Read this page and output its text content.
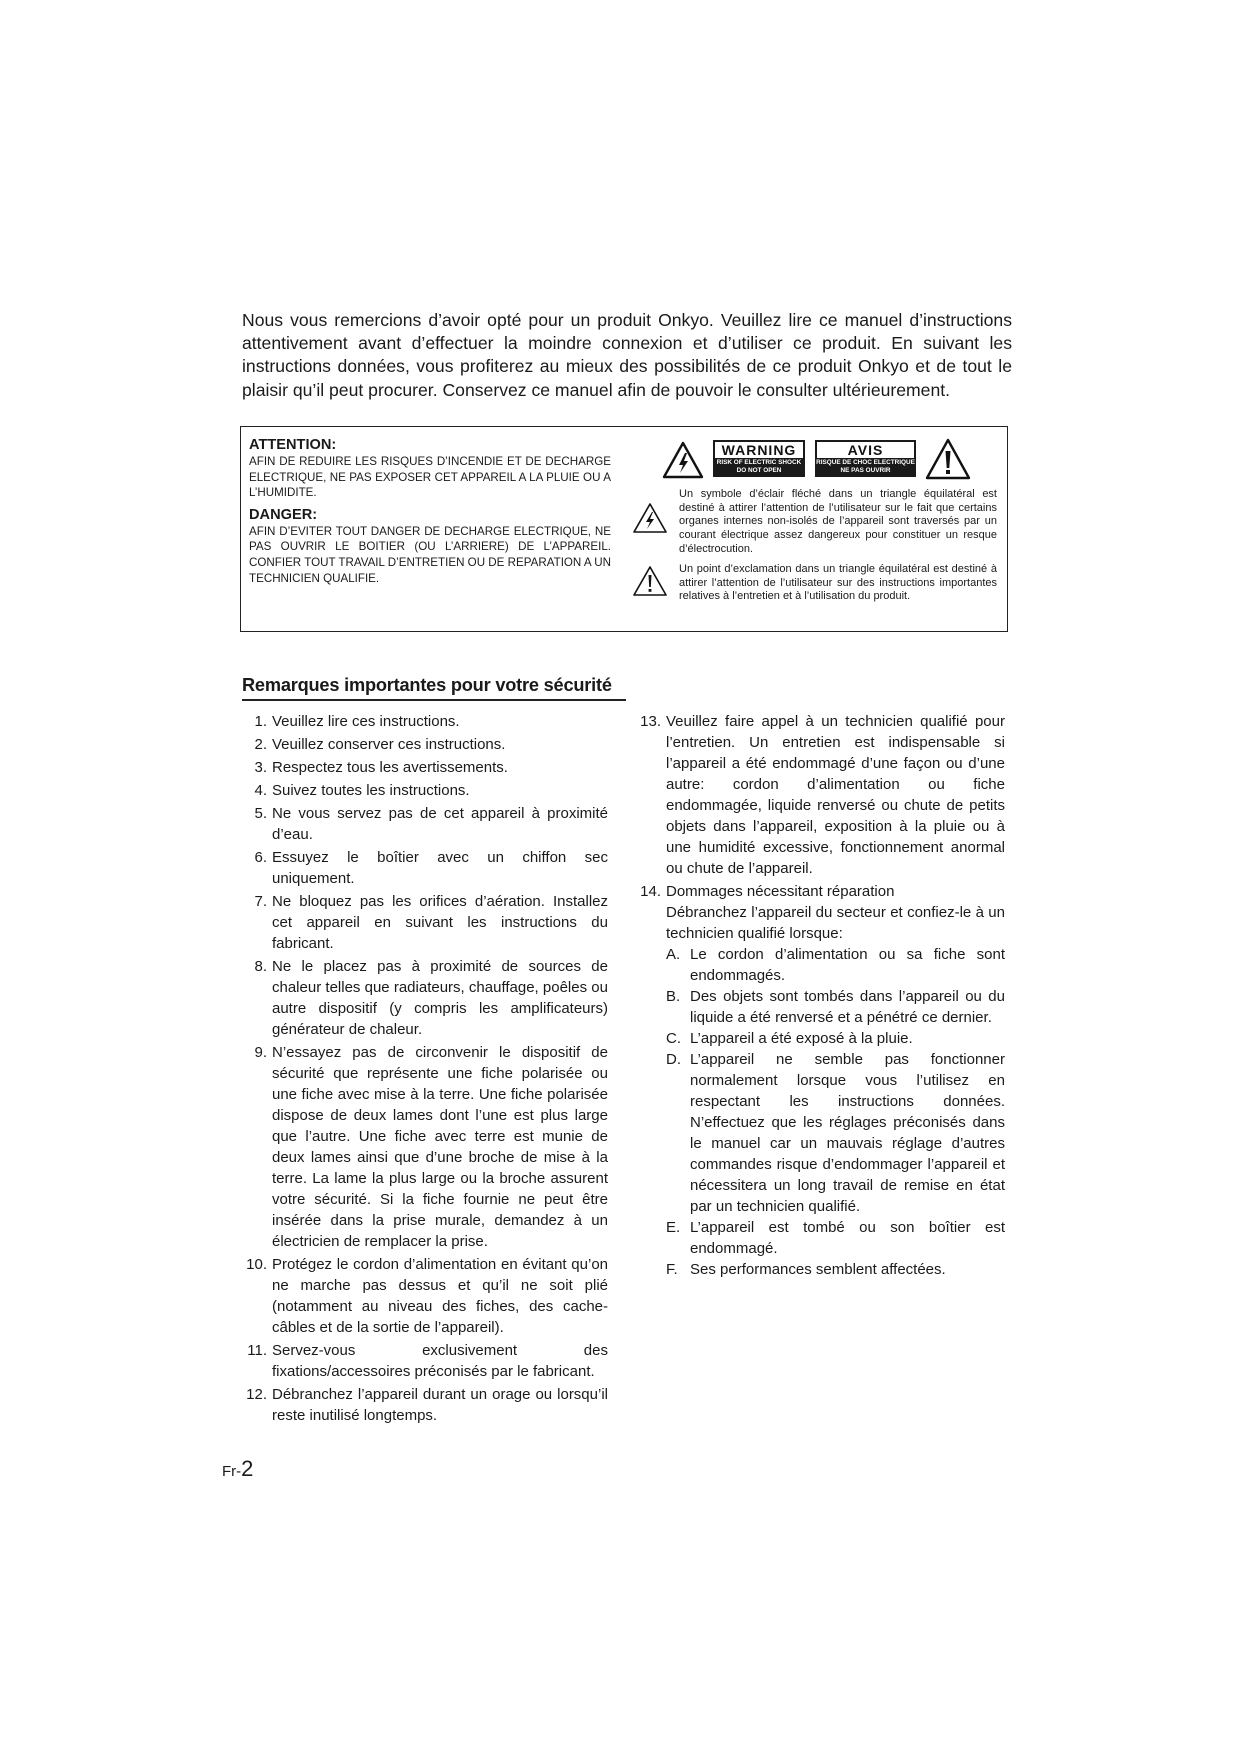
Nous vous remercions d’avoir opté pour un produit Onkyo. Veuillez lire ce manuel d’instructions attentivement avant d’effectuer la moindre connexion et d’utiliser ce produit. En suivant les instructions données, vous profiterez au mieux des possibilités de ce produit Onkyo et de tout le plaisir qu’il peut procurer. Conservez ce manuel afin de pouvoir le consulter ultérieurement.

ATTENTION:

AFIN DE REDUIRE LES RISQUES D’INCENDIE ET DE DECHARGE ELECTRIQUE, NE PAS EXPOSER CET APPAREIL A LA PLUIE OU A L’HUMIDITE.

DANGER:

AFIN D’EVITER TOUT DANGER DE DECHARGE ELECTRIQUE, NE PAS OUVRIR LE BOITIER (OU L’ARRIERE) DE L’APPAREIL. CONFIER TOUT TRAVAIL D’ENTRETIEN OU DE REPARATION A UN TECHNICIEN QUALIFIE.

WARNING
RISK OF ELECTRIC SHOCK
DO NOT OPEN
AVIS
RISQUE DE CHOC ELECTRIQUE
NE PAS OUVRIR

Un symbole d’éclair fléché dans un triangle équilatéral est destiné à attirer l’attention de l’utilisateur sur le fait que certains organes internes non-isolés de l’appareil sont traversés par un courant électrique assez dangereux pour constituer un resque d’électrocution.

Un point d’exclamation dans un triangle équilatéral est destiné à attirer l’attention de l’utilisateur sur des instructions importantes relatives à l’entretien et à l’utilisation du produit.

Remarques importantes pour votre sécurité
1. Veuillez lire ces instructions.
2. Veuillez conserver ces instructions.
3. Respectez tous les avertissements.
4. Suivez toutes les instructions.
5. Ne vous servez pas de cet appareil à proximité d’eau.
6. Essuyez le boîtier avec un chiffon sec uniquement.
7. Ne bloquez pas les orifices d’aération. Installez cet appareil en suivant les instructions du fabricant.
8. Ne le placez pas à proximité de sources de chaleur telles que radiateurs, chauffage, poêles ou autre dispositif (y compris les amplificateurs) générateur de chaleur.
9. N’essayez pas de circonvenir le dispositif de sécurité que représente une fiche polarisée ou une fiche avec mise à la terre. Une fiche polarisée dispose de deux lames dont l’une est plus large que l’autre. Une fiche avec terre est munie de deux lames ainsi que d’une broche de mise à la terre. La lame la plus large ou la broche assurent votre sécurité. Si la fiche fournie ne peut être insérée dans la prise murale, demandez à un électricien de remplacer la prise.
10. Protégez le cordon d’alimentation en évitant qu’on ne marche pas dessus et qu’il ne soit plié (notamment au niveau des fiches, des cache-câbles et de la sortie de l’appareil).
11. Servez-vous exclusivement des fixations/accessoires préconisés par le fabricant.
12. Débranchez l’appareil durant un orage ou lorsqu’il reste inutilisé longtemps.
13. Veuillez faire appel à un technicien qualifié pour l’entretien. Un entretien est indispensable si l’appareil a été endommagé d’une façon ou d’une autre: cordon d’alimentation ou fiche endommagée, liquide renversé ou chute de petits objets dans l’appareil, exposition à la pluie ou à une humidité excessive, fonctionnement anormal ou chute de l’appareil.
14. Dommages nécessitant réparation
Débranchez l’appareil du secteur et confiez-le à un technicien qualifié lorsque:
A. Le cordon d’alimentation ou sa fiche sont endommagés.
B. Des objets sont tombés dans l’appareil ou du liquide a été renversé et a pénétré ce dernier.
C. L’appareil a été exposé à la pluie.
D. L’appareil ne semble pas fonctionner normalement lorsque vous l’utilisez en respectant les instructions données. N’effectuez que les réglages préconisés dans le manuel car un mauvais réglage d’autres commandes risque d’endommager l’appareil et nécessitera un long travail de remise en état par un technicien qualifié.
E. L’appareil est tombé ou son boîtier est endommagé.
F. Ses performances semblent affectées.
Fr-2
